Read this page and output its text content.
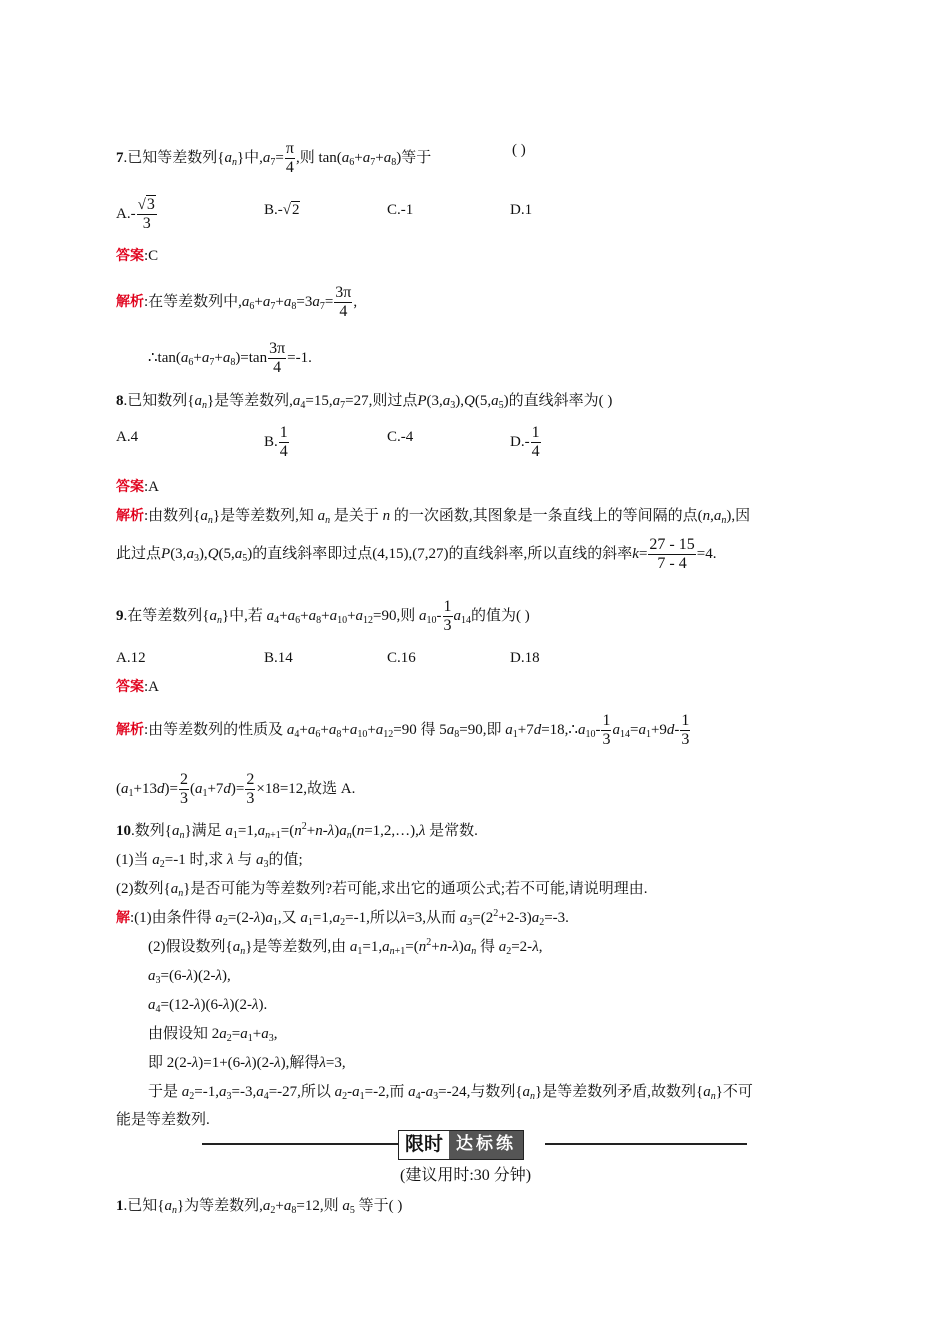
7.已知等差数列$\{a_n\}$中$,a_7= \frac{\pi}{4}$ ,则 $\tan(a_6+a_7+a_8)$等于	( )
$A.- \frac{√3}{3}$	B.-√2	C.-1	D.1
答案:C
解析:在等差数列中$,a_6+a_7+a_8=3a_7= \frac{3\pi}{4}$ ,
$\therefore\tan(a_6+a_7+a_8)=\tan \frac{3\pi}{4} =-1$.
8.已知数列$\{a_n\}$是等差数列$,a_4=15,a_7=27$,则过点$P(3,a_3),Q(5,a_5)$的直线斜率为( )
A.4	B. $\frac{1}{4}$	C.-4	$D.- \frac{1}{4}$
答案:A
解析:由数列$\{a_n\}$是等差数列,知 $a_n$ 是关于 n 的一次函数,其图象是一条直线上的等间隔的点$(n,a_n)$,因
此过点$P(3,a_3),Q(5,a_5)$的直线斜率即过点(4,15),(7,27)的直线斜率,所以直线的斜率$k= \frac{27 - 15}{7 - 4} =4$.
9.在等差数列$\{a_n\}$中,若 $a_4+a_6+a_8+a_{10}+a_{12}=90$,则 $a_{10}- \frac{1}{3} a_{14}$的值为( )
A.12	B.14	C.16	D.18
答案:A
解析:由等差数列的性质及 $a_4+a_6+a_8+a_{10}+a_{12}=90$ 得 $5a_8=90$,即 $a_1+7d=18,\therefore a_{10}- \frac{1}{3} a_{14}=a_1+9d- \frac{1}{3}$
$(a_1+13d)= \frac{2}{3} (a_1+7d)= \frac{2}{3} \times 18=12$,故选 A.
10.数列$\{a_n\}$满足 $a_1=1,a_{n+1}=(n^2+n-\lambda)a_n(n=1,2,\dots),\lambda$ 是常数.
(1)当 $a_2=-1$ 时,求 λ 与 $a_3$的值;
(2)数列$\{a_n\}$是否可能为等差数列?若可能,求出它的通项公式;若不可能,请说明理由.
解:(1)由条件得 $a_2=(2-\lambda)a_1$,又 $a_1=1,a_2=-1$,所以λ=3,从而 $a_3=(2^2+2-3)a_2=-3$.
(2)假设数列$\{a_n\}$是等差数列,由 $a_1=1,a_{n+1}=(n^2+n-\lambda)a_n$ 得 $a_2=2-\lambda$,
$a_3=(6-\lambda)(2-\lambda)$,
$a_4=(12-\lambda)(6-\lambda)(2-\lambda)$.
由假设知 $2a_2=a_1+a_3$,
即 2(2-λ)=1+(6-λ)(2-λ),解得λ=3,
于是 $a_2=-1,a_3=-3,a_4=-27$,所以 $a_2-a_1=-2$,而 $a_4-a_3=-24$,与数列$\{a_n\}$是等差数列矛盾,故数列$\{a_n\}$不可
能是等差数列.
限时 达标练
(建议用时:30 分钟)
1.已知$\{a_n\}$为等差数列$,a_2+a_8=12$,则 $a_5$ 等于( )
